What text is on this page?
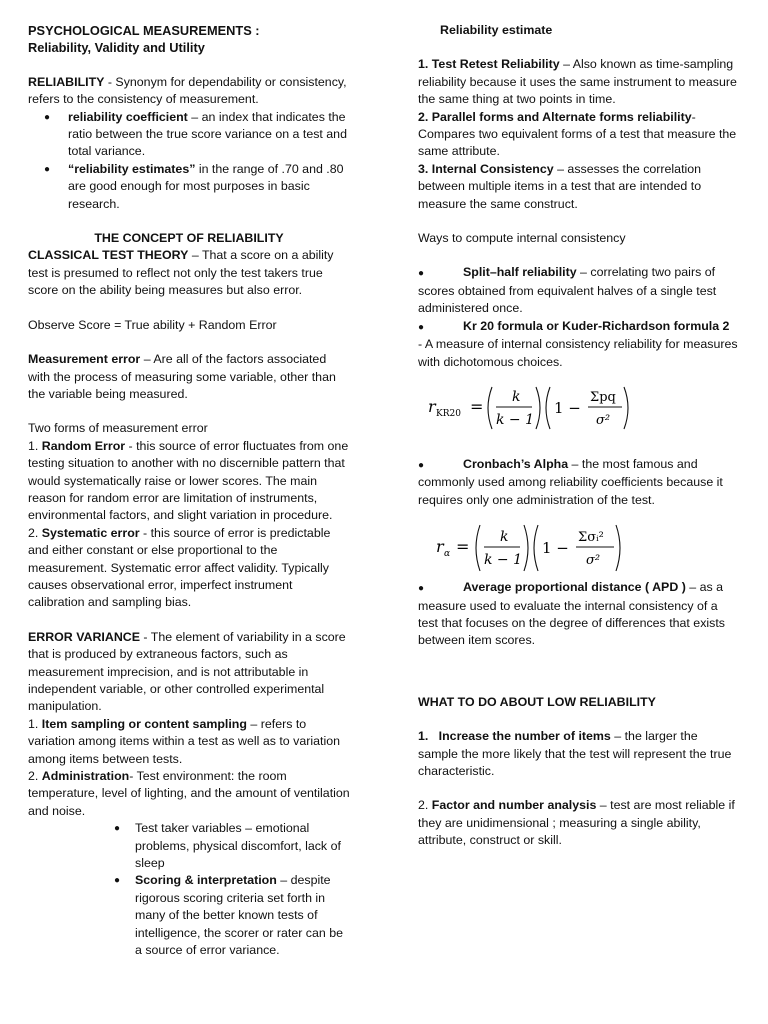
PSYCHOLOGICAL MEASUREMENTS :

Reliability, Validity and Utility

RELIABILITY - Synonym for dependability or consistency, refers to the consistency of measurement.

● reliability coefficient – an index that indicates the ratio between the true score variance on a test and total variance.
● “reliability estimates” in the range of .70 and .80 are good enough for most purposes in basic research.

THE CONCEPT OF RELIABILITY

CLASSICAL TEST THEORY – That a score on a ability test is presumed to reflect not only the test takers true score on the ability being measures but also error.

Observe Score = True ability + Random Error

Measurement error – Are all of the factors associated with the process of measuring some variable, other than the variable being measured.

Two forms of measurement error

1. Random Error - this source of error fluctuates from one testing situation to another with no discernible pattern that would systematically raise or lower scores. The main reason for random error are limitation of instruments, environmental factors, and slight variation in procedure.

2. Systematic error - this source of error is predictable and either constant or else proportional to the measurement. Systematic error affect validity. Typically causes observational error, imperfect instrument calibration and sampling bias.

ERROR VARIANCE - The element of variability in a score that is produced by extraneous factors, such as measurement imprecision, and is not attributable in independent variable, or other controlled experimental manipulation.

1. Item sampling or content sampling – refers to variation among items within a test as well as to variation among items between tests.

2. Administration- Test environment: the room temperature, level of lighting, and the amount of ventilation and noise.

● Test taker variables – emotional problems, physical discomfort, lack of sleep
● Scoring & interpretation – despite rigorous scoring criteria set forth in many of the better known tests of intelligence, the scorer or rater can be a source of error variance.

Reliability estimate

1. Test Retest Reliability – Also known as time-sampling reliability because it uses the same instrument to measure the same thing at two points in time.

2. Parallel forms and Alternate forms reliability- Compares two equivalent forms of a test that measure the same attribute.

3. Internal Consistency – assesses the correlation between multiple items in a test that are intended to measure the same construct.

Ways to compute internal consistency

●	Split–half reliability – correlating two pairs of scores obtained from equivalent halves of a single test administered once.

●	Kr 20 formula or Kuder-Richardson formula 2

- A measure of internal consistency reliability for measures with dichotomous choices.

r KR20 = k
k − 1
1 −
Σpq
σ²

●	Cronbach’s Alpha – the most famous and commonly used among reliability coefficients because it requires only one administration of the test.

r α = k
k − 1
1 −
Σσᵢ²
σ²

●	Average proportional distance ( APD ) – as a measure used to evaluate the internal consistency of a test that focuses on the degree of differences that exists between item scores.

WHAT TO DO ABOUT LOW RELIABILITY

1.   Increase the number of items – the larger the sample the more likely that the test will represent the true characteristic.

2. Factor and number analysis – test are most reliable if they are unidimensional ; measuring a single ability, attribute, construct or skill.
